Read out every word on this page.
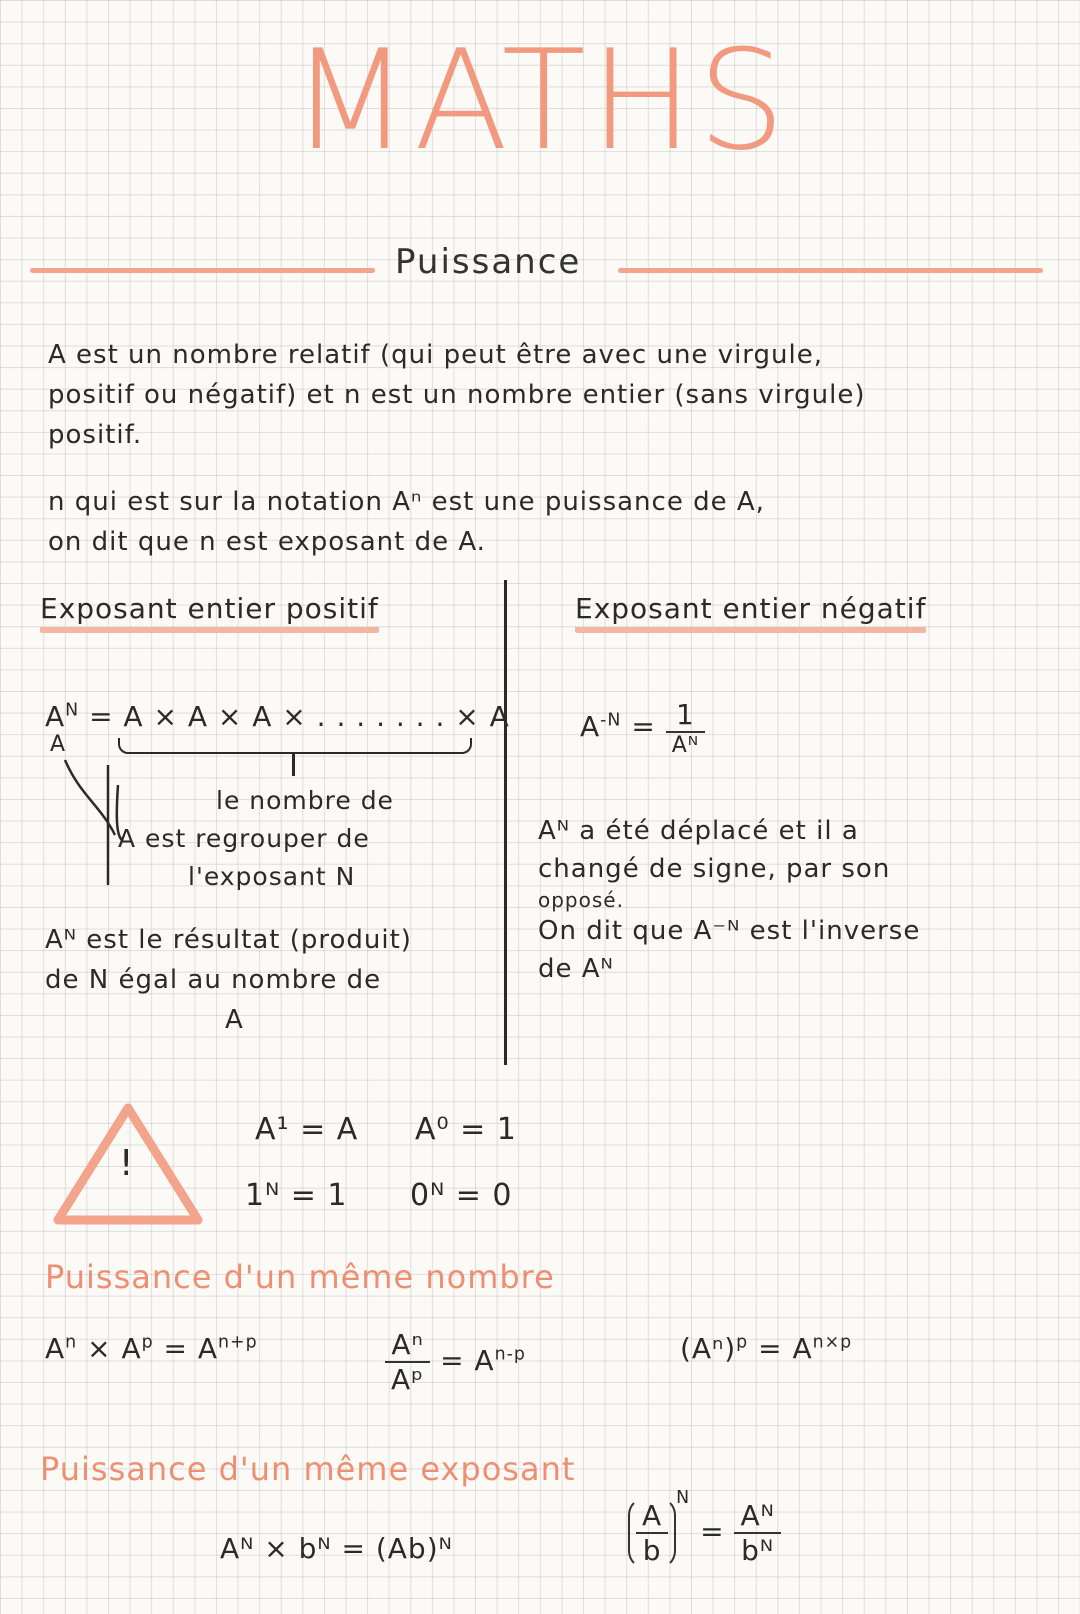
MATHS
Puissance
A est un nombre relatif (qui peut être avec une virgule,
positif ou négatif) et n est un nombre entier (sans virgule)
positif.
n qui est sur la notation Aⁿ est une puissance de A,
on dit que n est exposant de A.
Exposant entier positif
$A^N = A \times A \times A$ × . . . . . . . × A
A
le nombre de
A est regrouper de
l'exposant N
Aᴺ est le résultat (produit)
de N égal au nombre de
A
Exposant entier négatif
$A^{-N} = \frac{1}{\text{Aᴺ}}$
Aᴺ a été déplacé et il a
changé de signe, par son
opposé.
On dit que A⁻ᴺ est l'inverse
de Aᴺ
!
A¹ = A A⁰ = 1
1ᴺ = 1 0ᴺ = 0
Puissance d'un même nombre
$A^n \times A^p = A^{n+p}$	$\frac{\text{Aⁿ}}{\text{Aᵖ}} = A^{n-p}$	$(A^n)^p = A^{n\times p}$
Puissance d'un même exposant
Aᴺ × bᴺ = (Ab)ᴺ	$\frac{A}{b}$
$^N = \frac{\text{Aᴺ}}{\text{bᴺ}}$
